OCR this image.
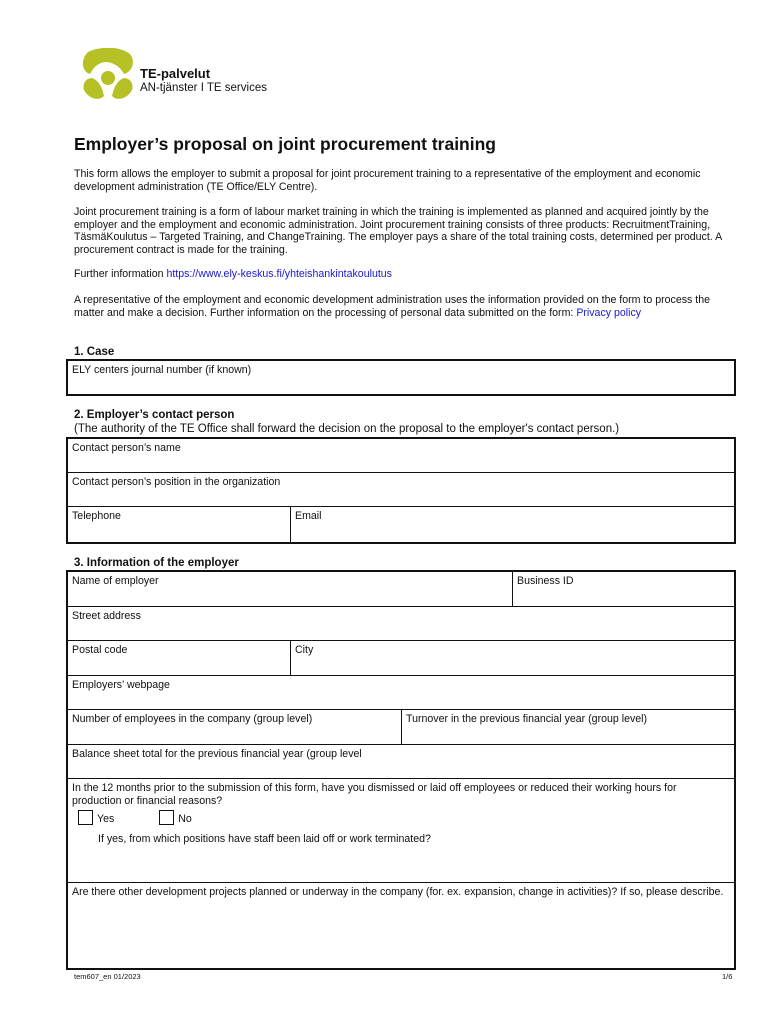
TE-palvelut
AN-tjänster I TE services
Employer’s proposal on joint procurement training
This form allows the employer to submit a proposal for joint procurement training to a representative of the employment and economic development administration (TE Office/ELY Centre).
Joint procurement training is a form of labour market training in which the training is implemented as planned and acquired jointly by the employer and the employment and economic administration. Joint procurement training consists of three products: RecruitmentTraining, TäsmäKoulutus – Targeted Training, and ChangeTraining. The employer pays a share of the total training costs, determined per product. A procurement contract is made for the training.
Further information https://www.ely-keskus.fi/yhteishankintakoulutus
A representative of the employment and economic development administration uses the information provided on the form to process the matter and make a decision. Further information on the processing of personal data submitted on the form: Privacy policy
1. Case
ELY centers journal number (if known)
2. Employer’s contact person
(The authority of the TE Office shall forward the decision on the proposal to the employer's contact person.)
Contact person’s name
Contact person’s position in the organization
Telephone	Email
3. Information of the employer
Name of employer	Business ID
Street address
Postal code	City
Employers’ webpage
Number of employees in the company (group level)	Turnover in the previous financial year (group level)
Balance sheet total for the previous financial year (group level
In the 12 months prior to the submission of this form, have you dismissed or laid off employees or reduced their working hours for production or financial reasons?
Yes	No
If yes, from which positions have staff been laid off or work terminated?
Are there other development projects planned or underway in the company (for. ex. expansion, change in activities)? If so, please describe.
tem607_en 01/2023	1/6
